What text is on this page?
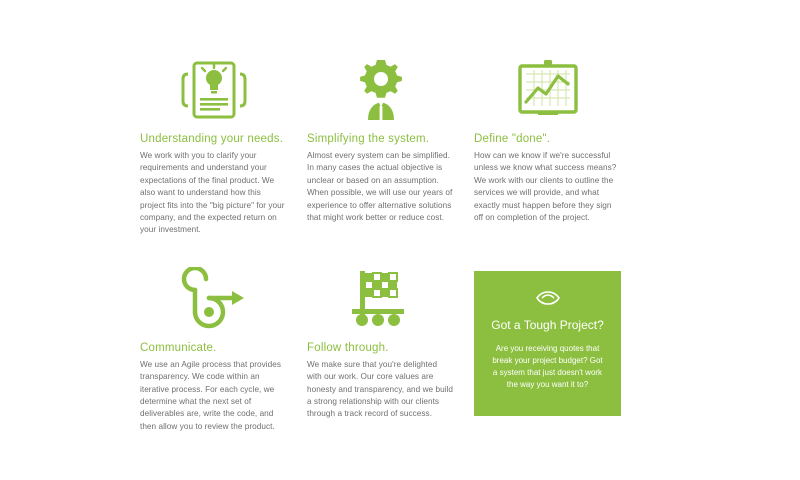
Understanding your needs.

We work with you to clarify your requirements and understand your expectations of the final product. We also want to understand how this project fits into the "big picture" for your company, and the expected return on your investment.

Simplifying the system.

Almost every system can be simplified. In many cases the actual objective is unclear or based on an assumption. When possible, we will use our years of experience to offer alternative solutions that might work better or reduce cost.

Define "done".

How can we know if we're successful unless we know what success means? We work with our clients to outline the services we will provide, and what exactly must happen before they sign off on completion of the project.

Communicate.

We use an Agile process that provides transparency. We code within an iterative process. For each cycle, we determine what the next set of deliverables are, write the code, and then allow you to review the product.

Follow through.

We make sure that you're delighted with our work. Our core values are honesty and transparency, and we build a strong relationship with our clients through a track record of success.

Got a Tough Project?

Are you receiving quotes that break your project budget? Got a system that just doesn't work the way you want it to?
